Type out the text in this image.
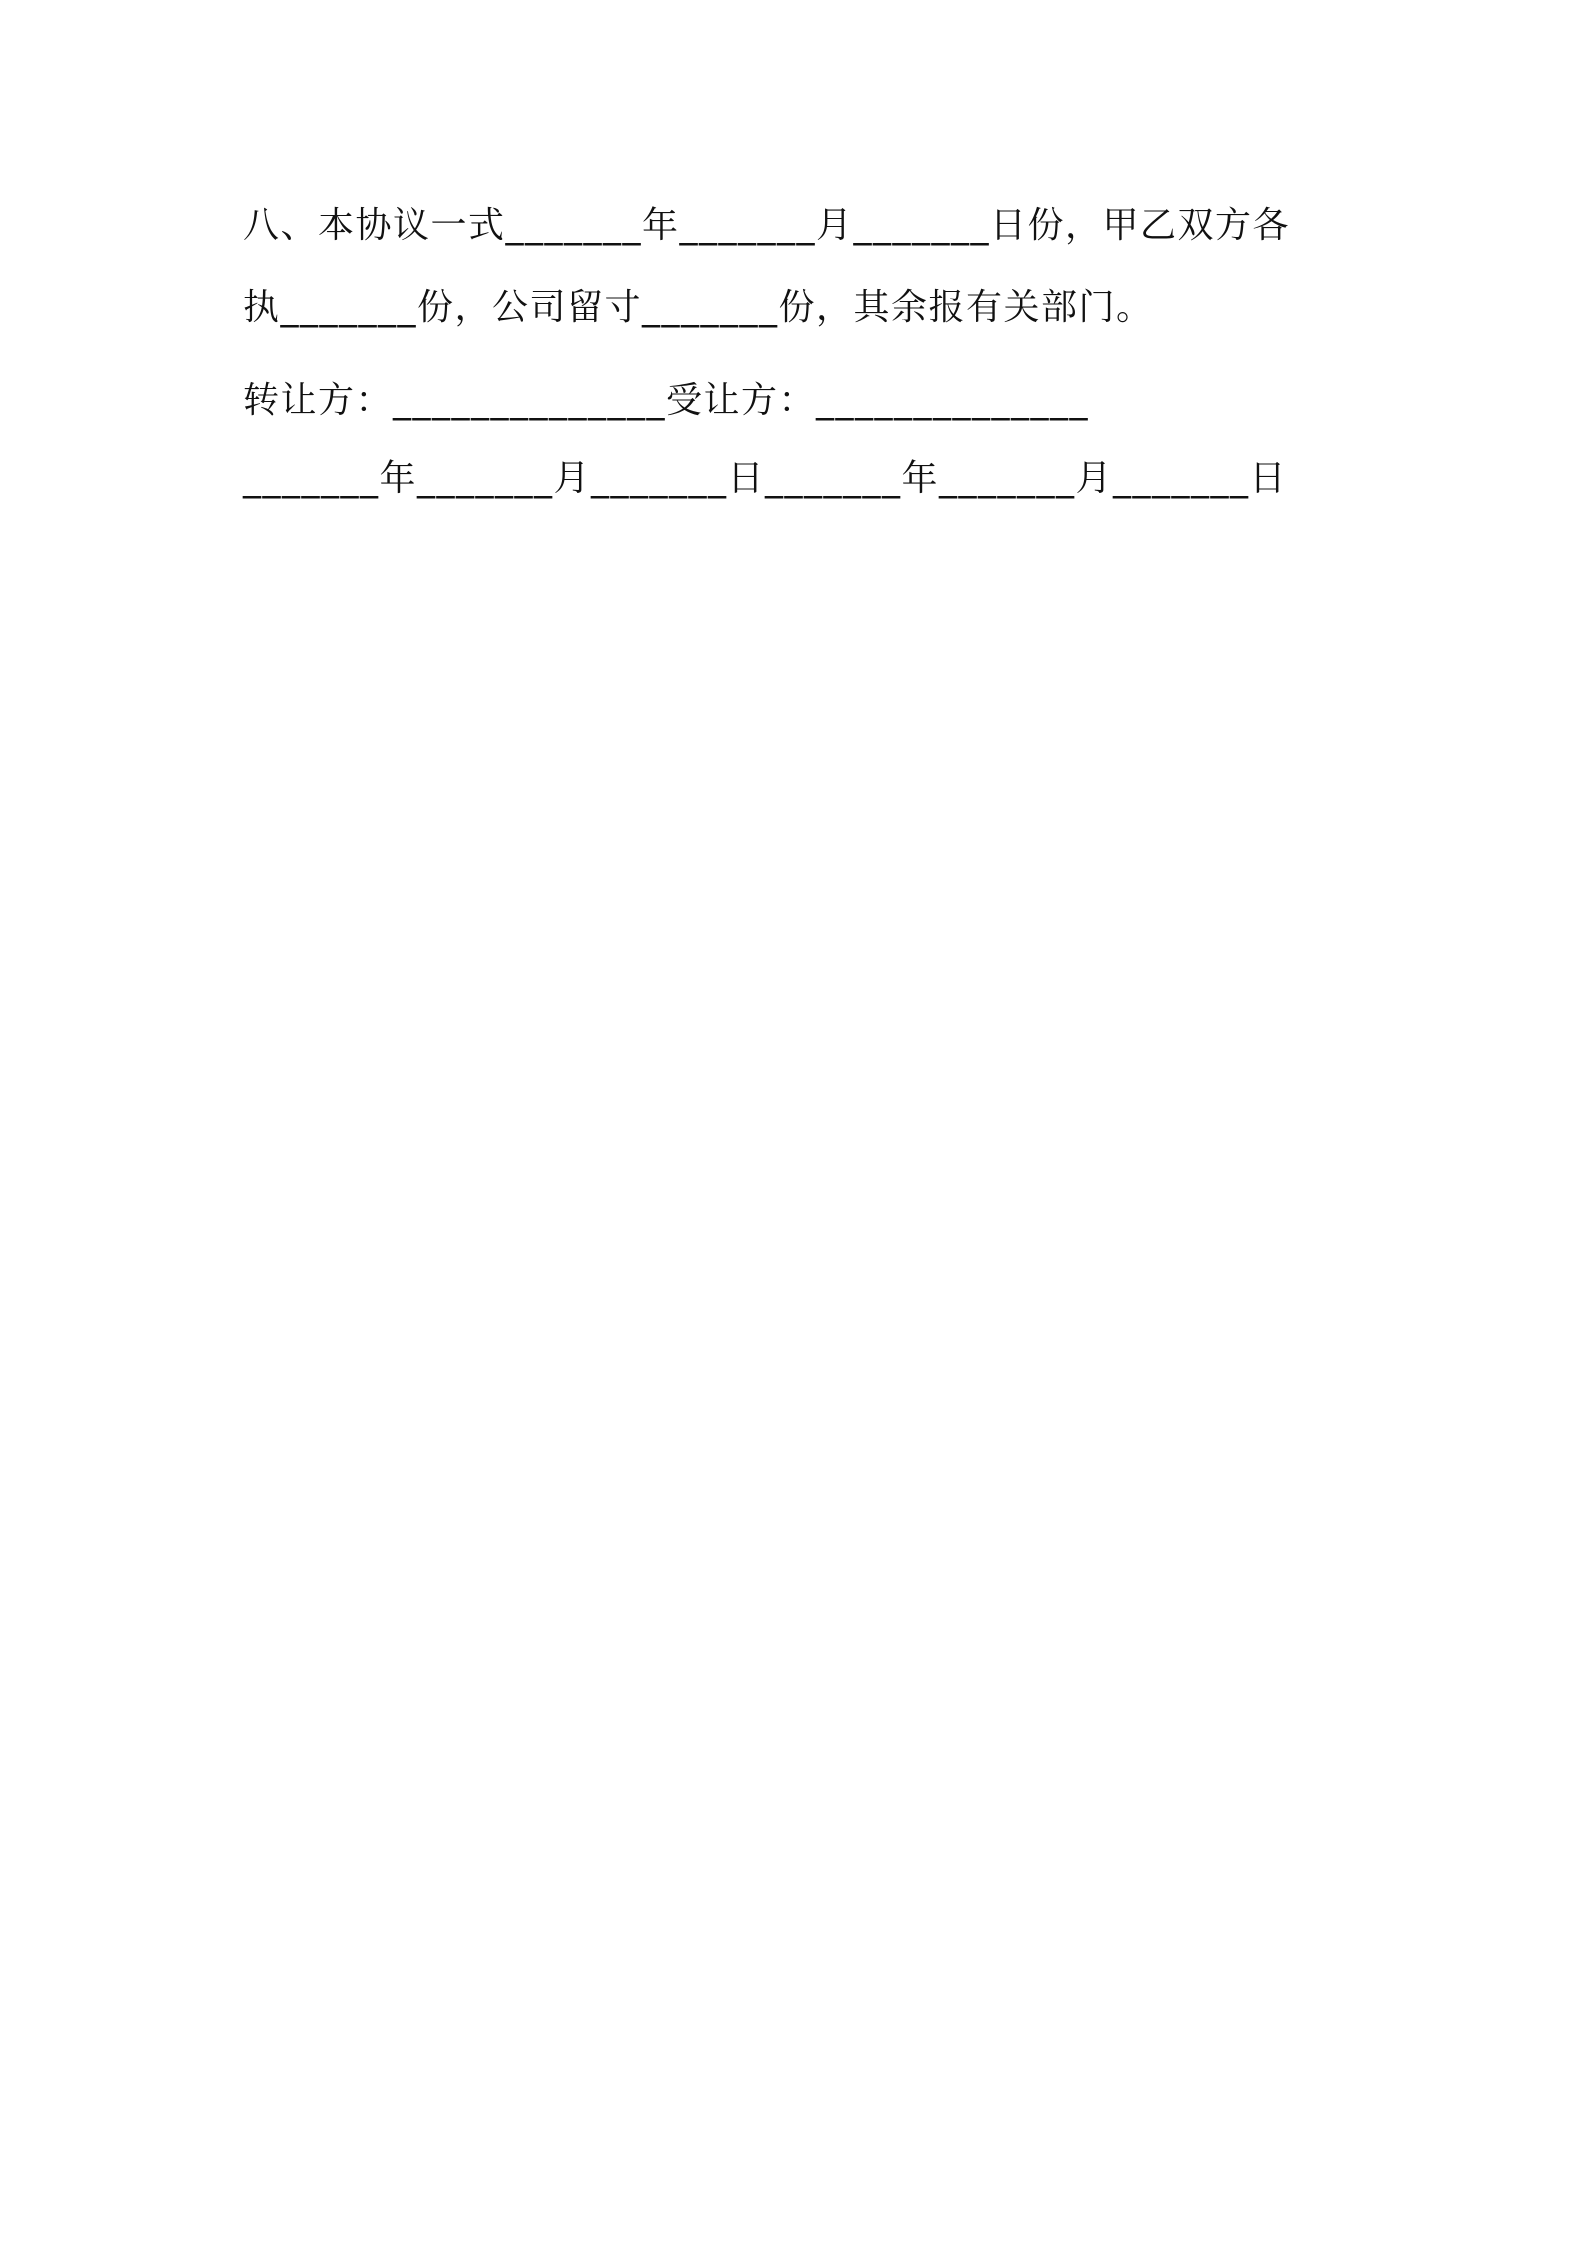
八、本协议一式_______年_______月_______日份，甲乙双方各

执_______份，公司留寸_______份，其余报有关部门。

转让方：______________受让方：______________

_______年_______月_______日_______年_______月_______日
